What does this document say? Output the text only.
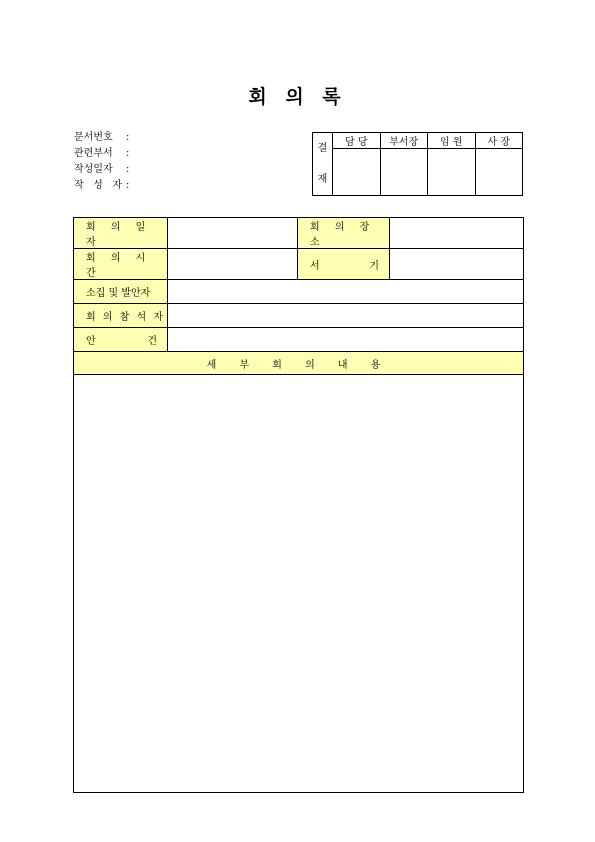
회 의 록
문서번호	:
관련부서	:
작성일자	:
작 성 자 :
결
재	담 당	부서장	임 원	사 장

회 의 일 자		회 의 장 소	
회 의 시 간		서 기	

소집 및 발안자			
회 의 참 석 자			

안 건			

세 부 회 의 내 용			
